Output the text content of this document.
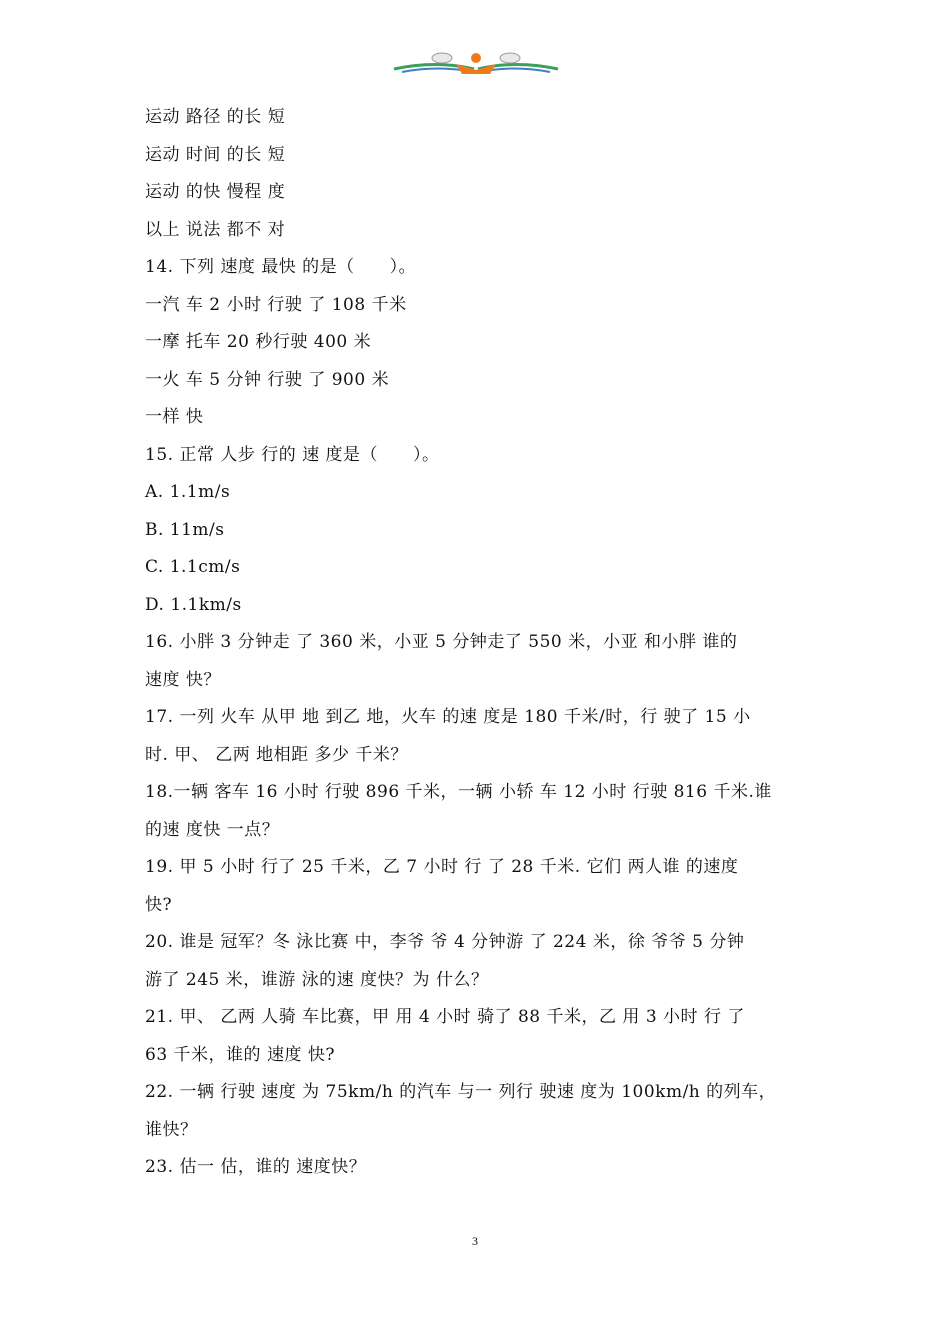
运动 路径 的长 短
运动 时间 的长 短
运动 的快 慢程 度
以上 说法 都不 对
14. 下列 速度 最快 的是（　　）。
一汽 车 2 小时 行驶 了 108 千米
一摩 托车 20 秒行驶 400 米
一火 车 5 分钟 行驶 了 900 米
一样 快
15. 正常 人步 行的 速 度是（　　）。
A. 1.1m/s
B. 11m/s
C. 1.1cm/s
D. 1.1km/s
16. 小胖 3 分钟走 了 360 米，小亚 5 分钟走了 550 米，小亚 和小胖 谁的
速度 快？
17. 一列 火车 从甲 地 到乙 地，火车 的速 度是 180 千米/时，行 驶了 15 小
时. 甲、 乙两 地相距 多少 千米？
18.一辆 客车 16 小时 行驶 896 千米，一辆 小轿 车 12 小时 行驶 816 千米.谁
的速 度快 一点？
19. 甲 5 小时 行了 25 千米，乙 7 小时 行 了 28 千米. 它们 两人谁 的速度
快?
20. 谁是 冠军？冬 泳比赛 中，李爷 爷 4 分钟游 了 224 米，徐 爷爷 5 分钟
游了 245 米，谁游 泳的速 度快？为 什么？
21. 甲、 乙两 人骑 车比赛，甲 用 4 小时 骑了 88 千米，乙 用 3 小时 行 了
63 千米，谁的 速度 快?
22. 一辆 行驶 速度 为 75km/h 的汽车 与一 列行 驶速 度为 100km/h 的列车，
谁快？
23. 估一 估，谁的 速度快？
3
